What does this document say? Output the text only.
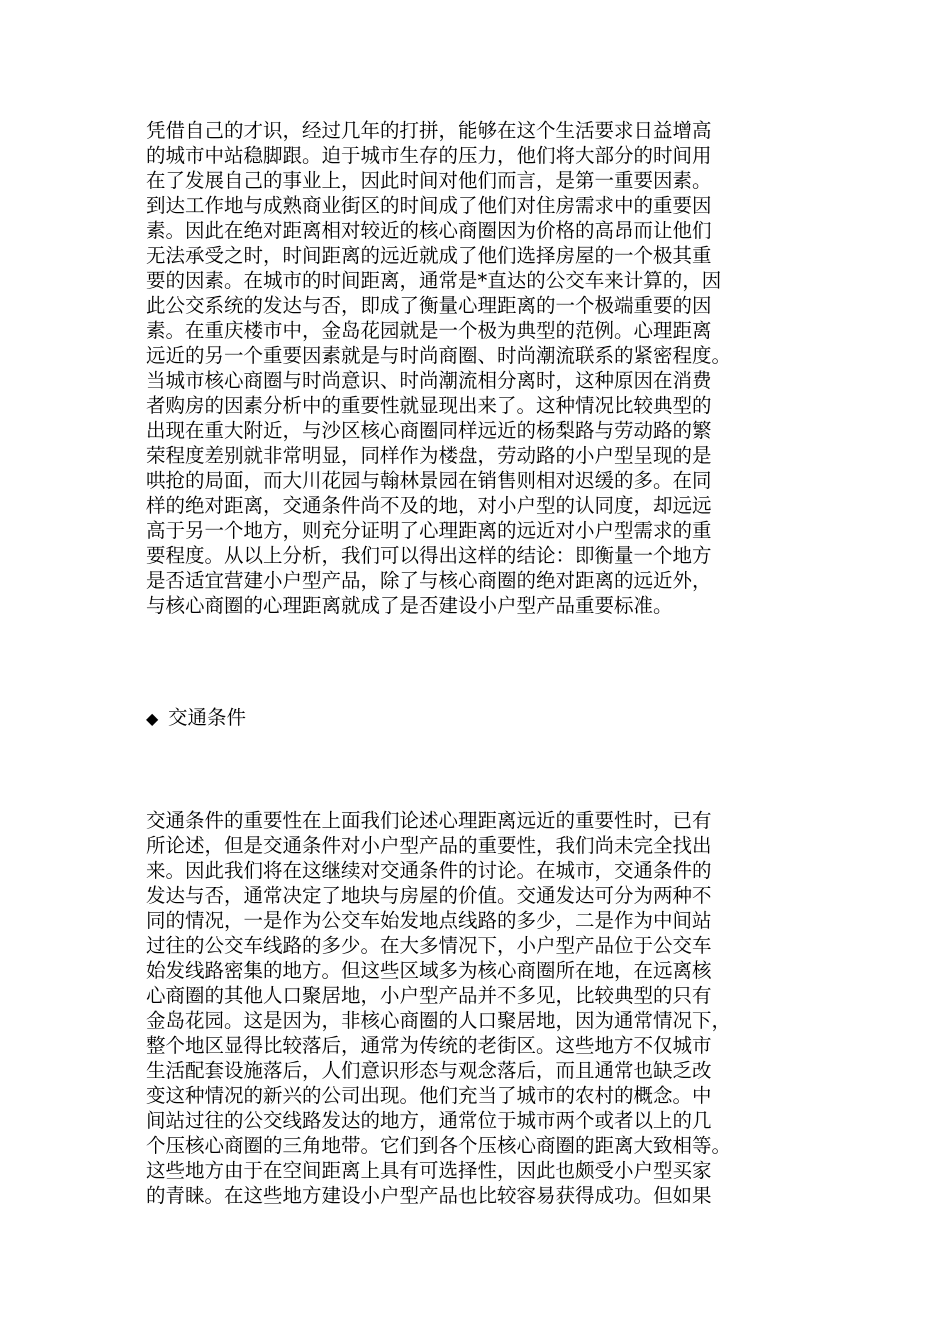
凭借自己的才识，经过几年的打拼，能够在这个生活要求日益增高
的城市中站稳脚跟。迫于城市生存的压力，他们将大部分的时间用
在了发展自己的事业上，因此时间对他们而言，是第一重要因素。
到达工作地与成熟商业街区的时间成了他们对住房需求中的重要因
素。因此在绝对距离相对较近的核心商圈因为价格的高昂而让他们
无法承受之时，时间距离的远近就成了他们选择房屋的一个极其重
要的因素。在城市的时间距离，通常是*直达的公交车来计算的，因
此公交系统的发达与否，即成了衡量心理距离的一个极端重要的因
素。在重庆楼市中，金岛花园就是一个极为典型的范例。心理距离
远近的另一个重要因素就是与时尚商圈、时尚潮流联系的紧密程度。
当城市核心商圈与时尚意识、时尚潮流相分离时，这种原因在消费
者购房的因素分析中的重要性就显现出来了。这种情况比较典型的
出现在重大附近，与沙区核心商圈同样远近的杨梨路与劳动路的繁
荣程度差别就非常明显，同样作为楼盘，劳动路的小户型呈现的是
哄抢的局面，而大川花园与翰林景园在销售则相对迟缓的多。在同
样的绝对距离，交通条件尚不及的地，对小户型的认同度，却远远
高于另一个地方，则充分证明了心理距离的远近对小户型需求的重
要程度。从以上分析，我们可以得出这样的结论：即衡量一个地方
是否适宜营建小户型产品，除了与核心商圈的绝对距离的远近外，
与核心商圈的心理距离就成了是否建设小户型产品重要标准。
◆ 交通条件
交通条件的重要性在上面我们论述心理距离远近的重要性时，已有
所论述，但是交通条件对小户型产品的重要性，我们尚未完全找出
来。因此我们将在这继续对交通条件的讨论。在城市，交通条件的
发达与否，通常决定了地块与房屋的价值。交通发达可分为两种不
同的情况，一是作为公交车始发地点线路的多少，二是作为中间站
过往的公交车线路的多少。在大多情况下，小户型产品位于公交车
始发线路密集的地方。但这些区域多为核心商圈所在地，在远离核
心商圈的其他人口聚居地，小户型产品并不多见，比较典型的只有
金岛花园。这是因为，非核心商圈的人口聚居地，因为通常情况下，
整个地区显得比较落后，通常为传统的老街区。这些地方不仅城市
生活配套设施落后，人们意识形态与观念落后，而且通常也缺乏改
变这种情况的新兴的公司出现。他们充当了城市的农村的概念。中
间站过往的公交线路发达的地方，通常位于城市两个或者以上的几
个压核心商圈的三角地带。它们到各个压核心商圈的距离大致相等。
这些地方由于在空间距离上具有可选择性，因此也颇受小户型买家
的青睐。在这些地方建设小户型产品也比较容易获得成功。但如果
